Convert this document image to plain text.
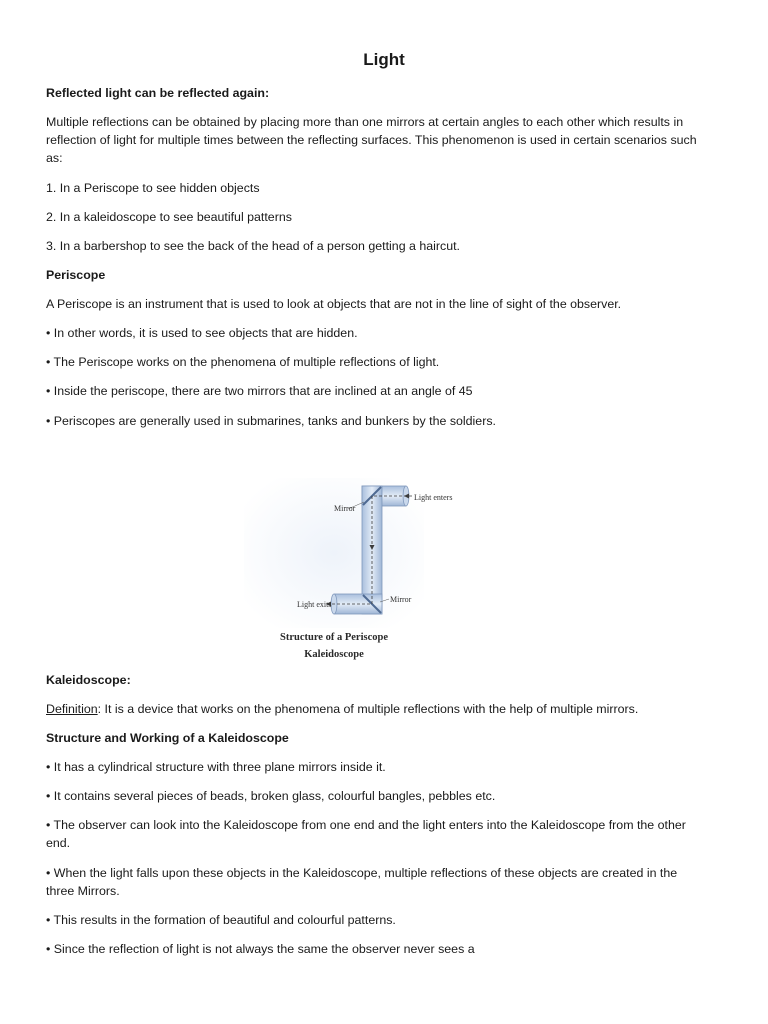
Light
Reflected light can be reflected again:
Multiple reflections can be obtained by placing more than one mirrors at certain angles to each other which results in
reflection of light for multiple times between the reflecting surfaces. This phenomenon is used in certain scenarios such
as:
1. In a Periscope to see hidden objects
2. In a kaleidoscope to see beautiful patterns
3. In a barbershop to see the back of the head of a person getting a haircut.
Periscope
A Periscope is an instrument that is used to look at objects that are not in the line of sight of the observer.
• In other words, it is used to see objects that are hidden.
• The Periscope works on the phenomena of multiple reflections of light.
• Inside the periscope, there are two mirrors that are inclined at an angle of 45
• Periscopes are generally used in submarines, tanks and bunkers by the soldiers.
Light enters
Mirror
Mirror
Light exits
Structure of a Periscope
Kaleidoscope
Kaleidoscope:
Definition: It is a device that works on the phenomena of multiple reflections with the help of multiple mirrors.
Structure and Working of a Kaleidoscope
• It has a cylindrical structure with three plane mirrors inside it.
• It contains several pieces of beads, broken glass, colourful bangles, pebbles etc.
• The observer can look into the Kaleidoscope from one end and the light enters into the Kaleidoscope from the other
end.
• When the light falls upon these objects in the Kaleidoscope, multiple reflections of these objects are created in the
three Mirrors.
• This results in the formation of beautiful and colourful patterns.
• Since the reflection of light is not always the same the observer never sees a
